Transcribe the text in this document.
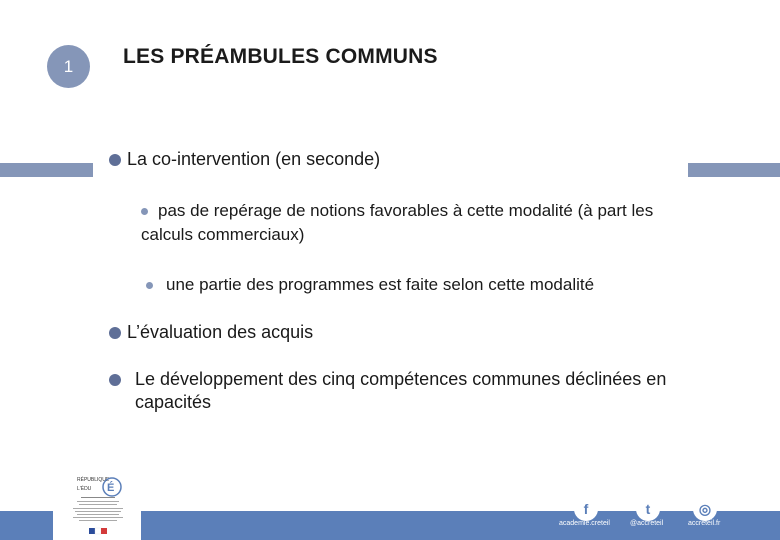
1	LES PRÉAMBULES COMMUNS
La co-intervention (en seconde)
pas de repérage de notions favorables à cette modalité (à part les
calculs commerciaux)
une partie des programmes est faite selon cette modalité
L’évaluation des acquis
Le développement des cinq compétences communes déclinées en
capacités
RÉPUBLIQUE
É
L'ÉDU
f	t	◎
academie.creteil	@accreteil	accreteil.fr
